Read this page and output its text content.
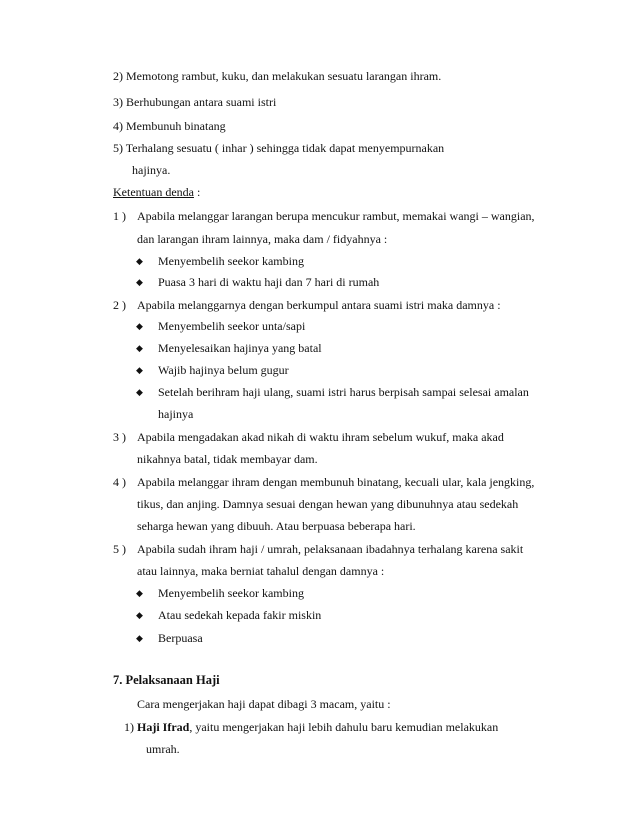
2) Memotong rambut, kuku, dan melakukan sesuatu larangan ihram.
3) Berhubungan antara suami istri
4) Membunuh binatang
5) Terhalang sesuatu ( inhar ) sehingga tidak dapat menyempurnakan
hajinya.
Ketentuan denda :
1 ) Apabila melanggar larangan berupa mencukur rambut, memakai wangi – wangian,
dan larangan ihram lainnya, maka dam / fidyahnya :
◆ Menyembelih seekor kambing
◆ Puasa 3 hari di waktu haji dan 7 hari di rumah
2 ) Apabila melanggarnya dengan berkumpul antara suami istri maka damnya :
◆ Menyembelih seekor unta/sapi
◆ Menyelesaikan hajinya yang batal
◆ Wajib hajinya belum gugur
◆ Setelah berihram haji ulang, suami istri harus berpisah sampai selesai amalan
hajinya
3 ) Apabila mengadakan akad nikah di waktu ihram sebelum wukuf, maka akad
nikahnya batal, tidak membayar dam.
4 ) Apabila melanggar ihram dengan membunuh binatang, kecuali ular, kala jengking,
tikus, dan anjing. Damnya sesuai dengan hewan yang dibunuhnya atau sedekah
seharga hewan yang dibuuh. Atau berpuasa beberapa hari.
5 ) Apabila sudah ihram haji / umrah, pelaksanaan ibadahnya terhalang karena sakit
atau lainnya, maka berniat tahalul dengan damnya :
◆ Menyembelih seekor kambing
◆ Atau sedekah kepada fakir miskin
◆ Berpuasa
7. Pelaksanaan Haji
Cara mengerjakan haji dapat dibagi 3 macam, yaitu :
1) Haji Ifrad, yaitu mengerjakan haji lebih dahulu baru kemudian melakukan
umrah.
